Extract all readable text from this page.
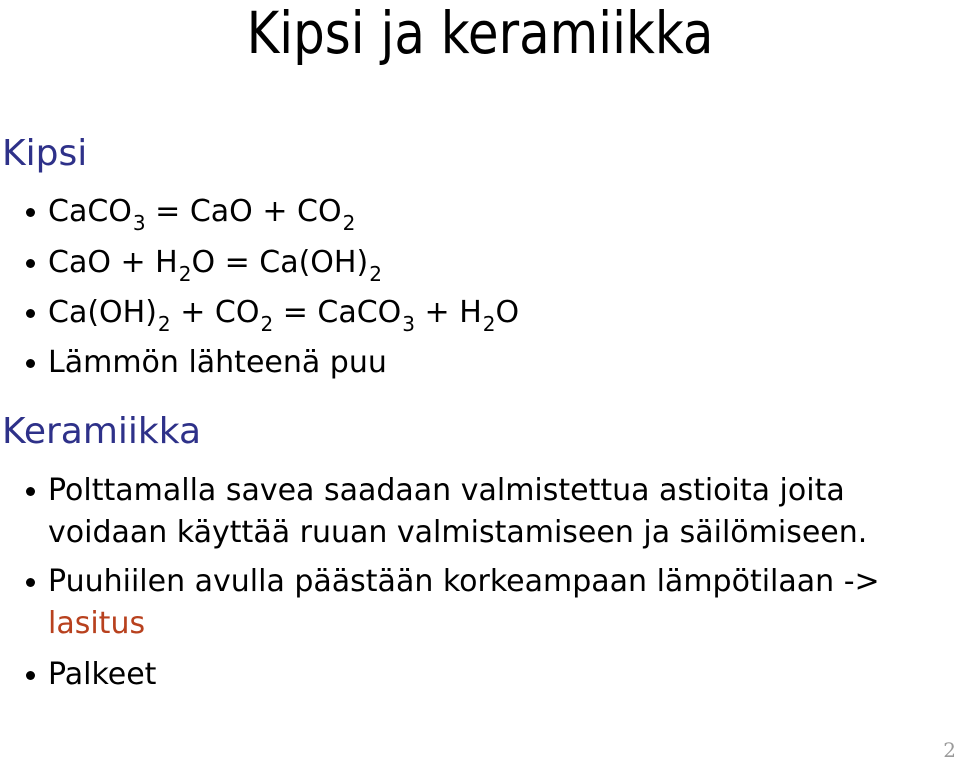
Kipsi ja keramiikka
Kipsi
CaCO$_3$ = CaO + $CO_2$
CaO + $H_2O = Ca(OH)_2$
$Ca(OH)_2 + CO_2$ = CaCO$_3$ + $H_2O$
Lämmön lähteenä puu
Keramiikka
Polttamalla savea saadaan valmistettua astioita joita voidaan käyttää ruuan valmistamiseen ja säilömiseen.
Puuhiilen avulla päästään korkeampaan lämpötilaan ->
lasitus
Palkeet
2
